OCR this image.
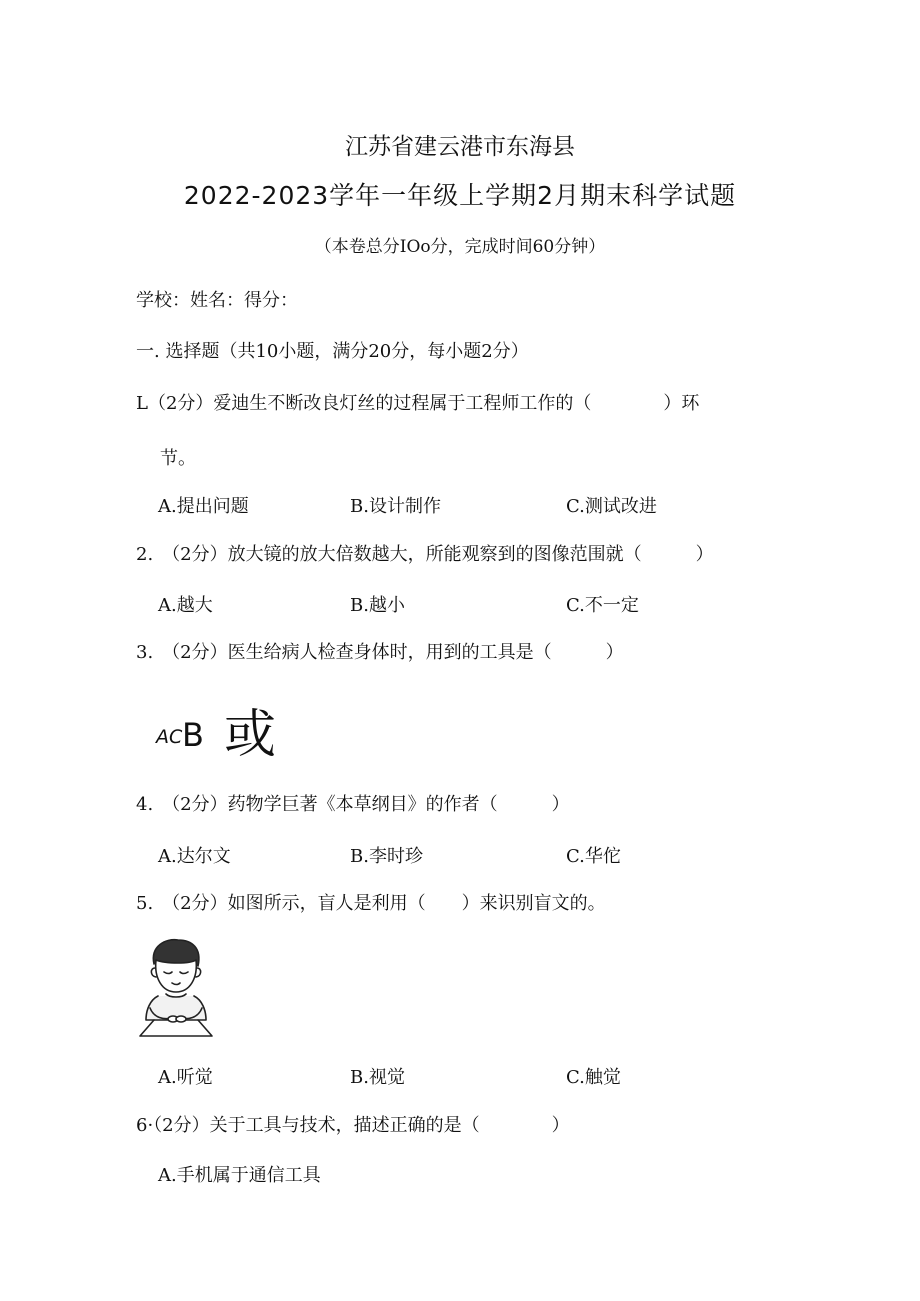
江苏省建云港市东海县
2022-2023学年一年级上学期2月期末科学试题
（本卷总分IOo分，完成时间60分钟）
学校：姓名：得分：
一. 选择题（共10小题，满分20分，每小题2分）
L（2分）爱迪生不断改良灯丝的过程属于工程师工作的（　　　　）环
节。
A.提出问题	B.设计制作	C.测试改进
2.　（2分）放大镜的放大倍数越大，所能观察到的图像范围就（　　　）
A.越大	B.越小	C.不一定
3.　（2分）医生给病人检查身体时，用到的工具是（　　　）
AC B 或
4.　（2分）药物学巨著《本草纲目》的作者（　　　）
A.达尔文	B.李时珍	C.华佗
5.　（2分）如图所示，盲人是利用（　　）来识别盲文的。
A.听觉	B.视觉	C.触觉
6·（2分）关于工具与技术，描述正确的是（　　　　）
A.手机属于通信工具
